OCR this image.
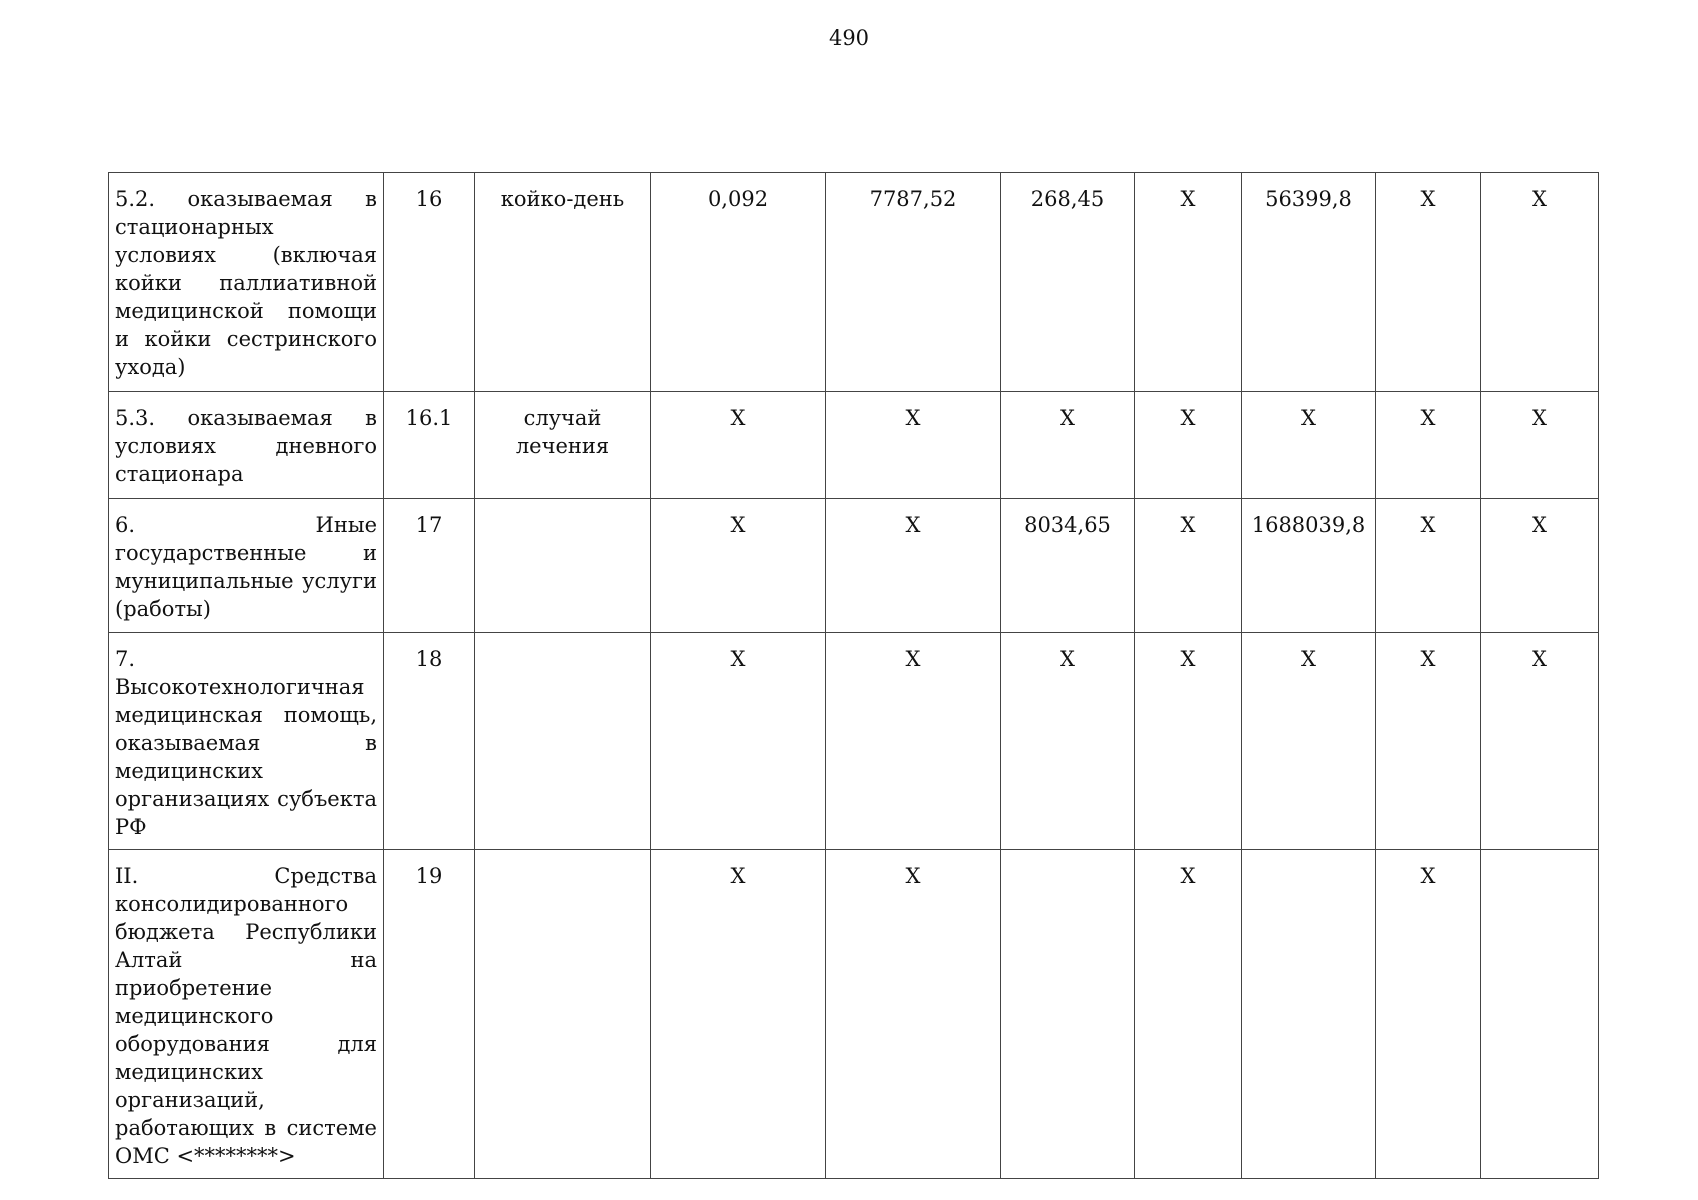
490
5.2. оказываемая в стационарных условиях (включая койки паллиативной медицинской помощи и койки сестринского ухода)	16	койко-день	0,092	7787,52	268,45	X	56399,8	X	X
5.3. оказываемая в условиях дневного стационара	16.1	случай лечения	X	X	X	X	X	X	X
6. Иные государственные и муниципальные услуги (работы)	17		X	X	8034,65	X	1688039,8	X	X
7. Высокотехнологичная медицинская помощь, оказываемая в медицинских организациях субъекта РФ	18		X	X	X	X	X	X	X
II. Средства консолидированного бюджета Республики Алтай на приобретение медицинского оборудования для медицинских организаций, работающих в системе ОМС <********>	19		X	X		X		X	
